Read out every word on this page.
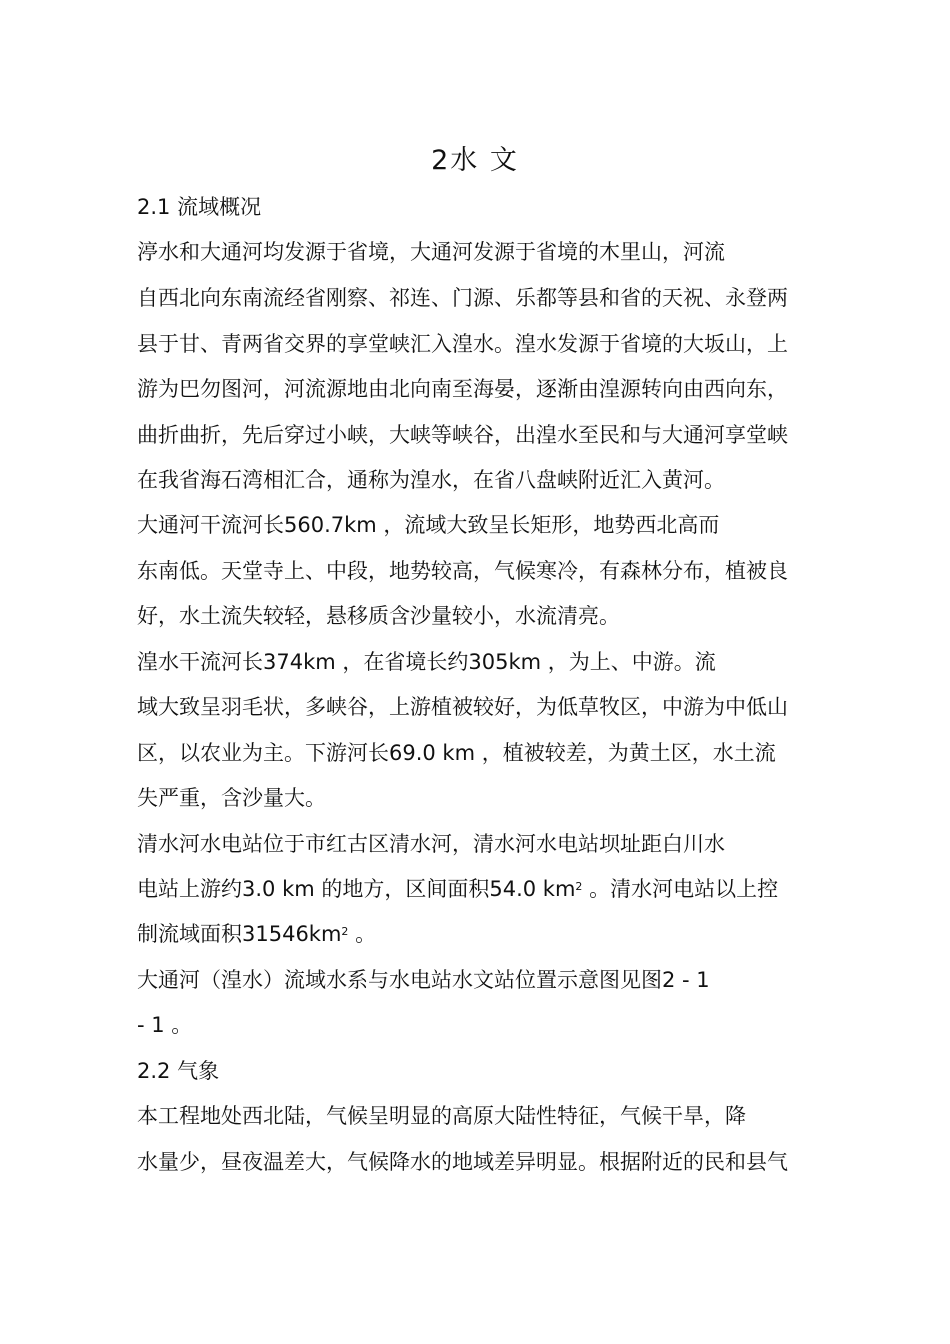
2水 文
2.1 流域概况
渟水和大通河均发源于省境，大通河发源于省境的木里山，河流
自西北向东南流经省刚察、祁连、门源、乐都等县和省的天祝、永登两
县于甘、青两省交界的享堂峡汇入湟水。湟水发源于省境的大坂山，上
游为巴勿图河，河流源地由北向南至海晏，逐渐由湟源转向由西向东，
曲折曲折，先后穿过小峡，大峡等峡谷，出湟水至民和与大通河享堂峡
在我省海石湾相汇合，通称为湟水，在省八盘峡附近汇入黄河。
大通河干流河长560.7km ，流域大致呈长矩形，地势西北高而
东南低。天堂寺上、中段，地势较高，气候寒冷，有森林分布，植被良
好，水土流失较轻，悬移质含沙量较小，水流清亮。
湟水干流河长374km ，在省境长约305km ，为上、中游。流
域大致呈羽毛状，多峡谷，上游植被较好，为低草牧区，中游为中低山
区，以农业为主。下游河长69.0 km ，植被较差，为黄土区，水土流
失严重，含沙量大。
清水河水电站位于市红古区清水河，清水河水电站坝址距白川水
电站上游约3.0 km 的地方，区间面积54.0 $km^2$ 。清水河电站以上控
制流域面积$31546km^2$ 。
大通河（湟水）流域水系与水电站水文站位置示意图见图2 - 1
- 1 。
2.2 气象
本工程地处西北陆，气候呈明显的高原大陆性特征，气候干旱，降
水量少，昼夜温差大，气候降水的地域差异明显。根据附近的民和县气
